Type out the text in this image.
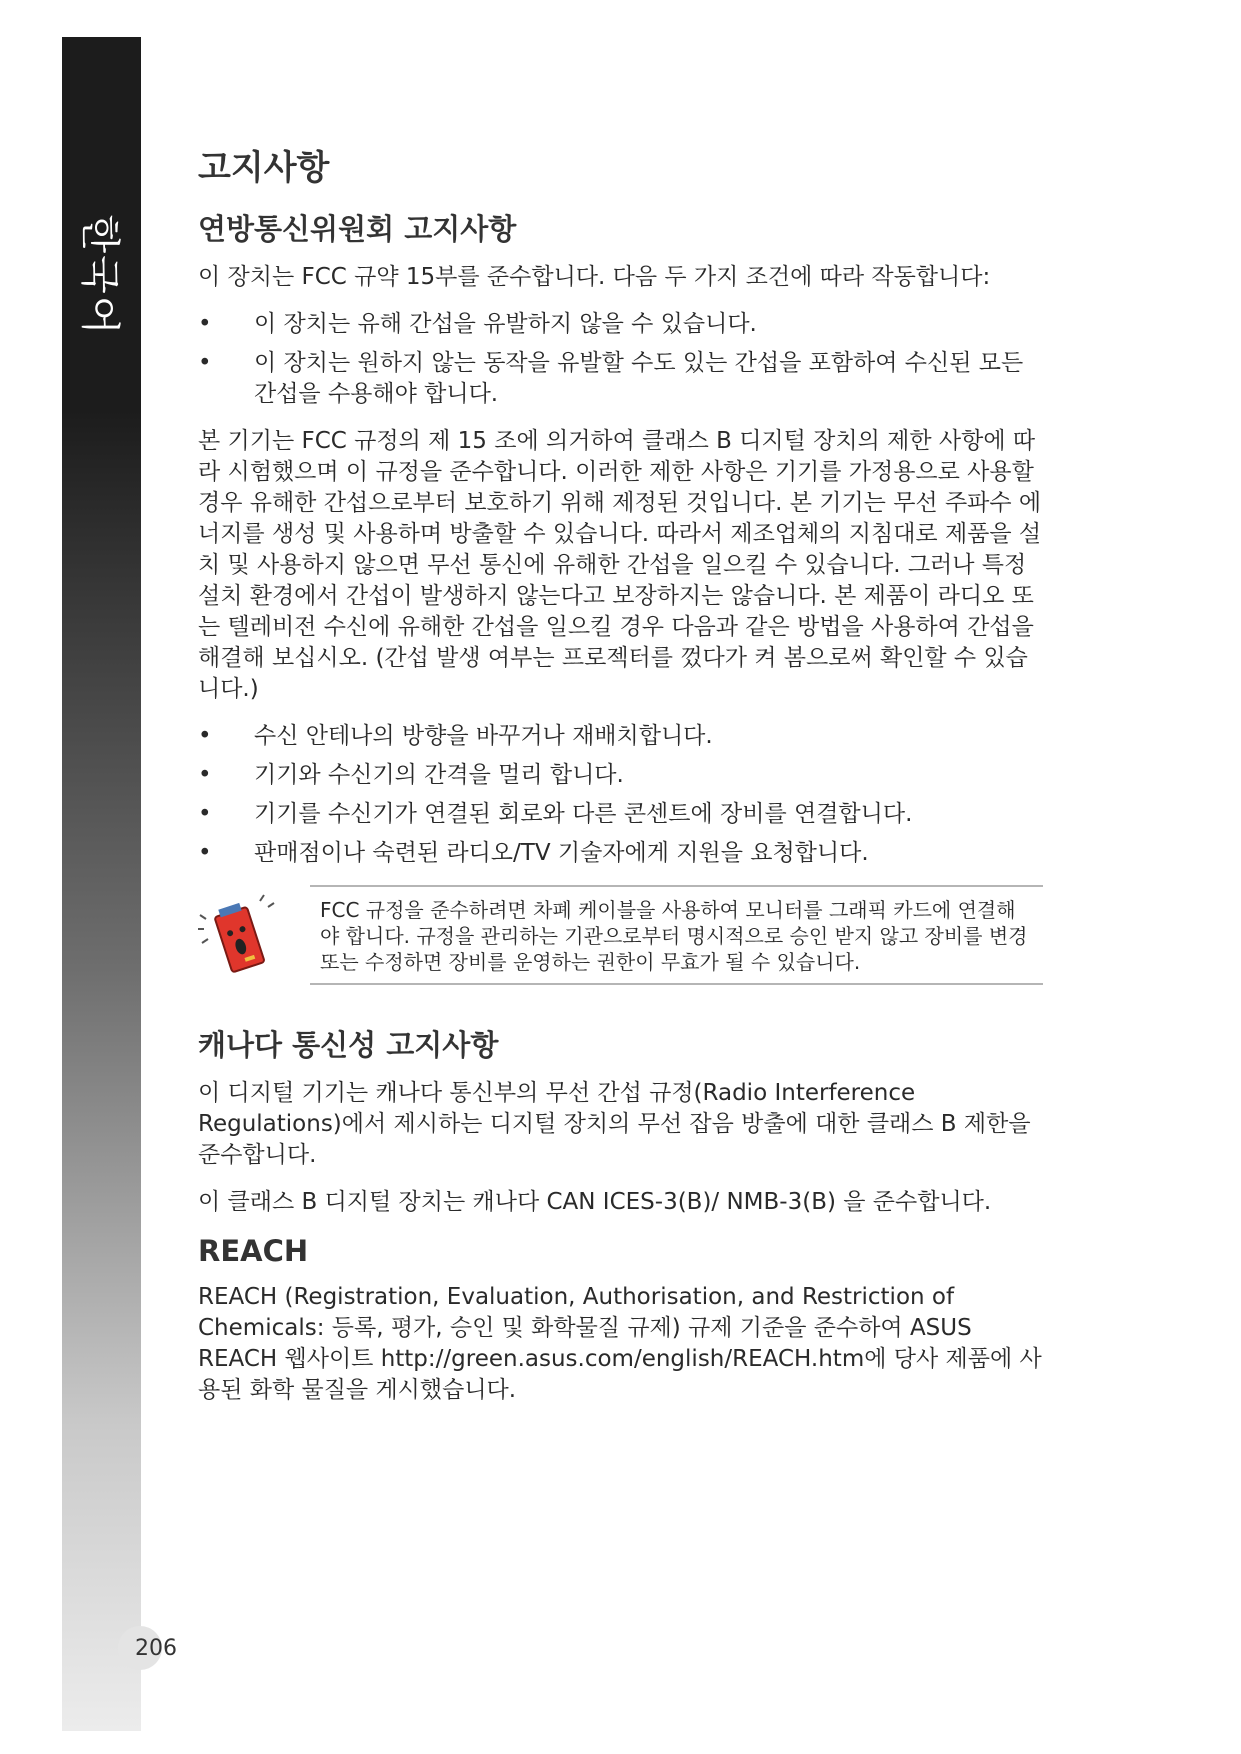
한국어
206
고지사항
연방통신위원회 고지사항

이 장치는 FCC 규약 15부를 준수합니다. 다음 두 가지 조건에 따라 작동합니다:

• 이 장치는 유해 간섭을 유발하지 않을 수 있습니다.
• 이 장치는 원하지 않는 동작을 유발할 수도 있는 간섭을 포함하여 수신된 모든 간섭을 수용해야 합니다.

본 기기는 FCC 규정의 제 15 조에 의거하여 클래스 B 디지털 장치의 제한 사항에 따라 시험했으며 이 규정을 준수합니다. 이러한 제한 사항은 기기를 가정용으로 사용할 경우 유해한 간섭으로부터 보호하기 위해 제정된 것입니다. 본 기기는 무선 주파수 에너지를 생성 및 사용하며 방출할 수 있습니다. 따라서 제조업체의 지침대로 제품을 설치 및 사용하지 않으면 무선 통신에 유해한 간섭을 일으킬 수 있습니다. 그러나 특정 설치 환경에서 간섭이 발생하지 않는다고 보장하지는 않습니다. 본 제품이 라디오 또는 텔레비전 수신에 유해한 간섭을 일으킬 경우 다음과 같은 방법을 사용하여 간섭을 해결해 보십시오. (간섭 발생 여부는 프로젝터를 껐다가 켜 봄으로써 확인할 수 있습니다.)

• 수신 안테나의 방향을 바꾸거나 재배치합니다.
• 기기와 수신기의 간격을 멀리 합니다.
• 기기를 수신기가 연결된 회로와 다른 콘센트에 장비를 연결합니다.
• 판매점이나 숙련된 라디오/TV 기술자에게 지원을 요청합니다.
FCC 규정을 준수하려면 차폐 케이블을 사용하여 모니터를 그래픽 카드에 연결해야 합니다. 규정을 관리하는 기관으로부터 명시적으로 승인 받지 않고 장비를 변경 또는 수정하면 장비를 운영하는 권한이 무효가 될 수 있습니다.
캐나다 통신성 고지사항

이 디지털 기기는 캐나다 통신부의 무선 간섭 규정(Radio Interference Regulations)에서 제시하는 디지털 장치의 무선 잡음 방출에 대한 클래스 B 제한을 준수합니다.

이 클래스 B 디지털 장치는 캐나다 CAN ICES-3(B)/ NMB-3(B) 을 준수합니다.

REACH

REACH (Registration, Evaluation, Authorisation, and Restriction of Chemicals: 등록, 평가, 승인 및 화학물질 규제) 규제 기준을 준수하여 ASUS REACH 웹사이트 http://green.asus.com/english/REACH.htm에 당사 제품에 사용된 화학 물질을 게시했습니다.
